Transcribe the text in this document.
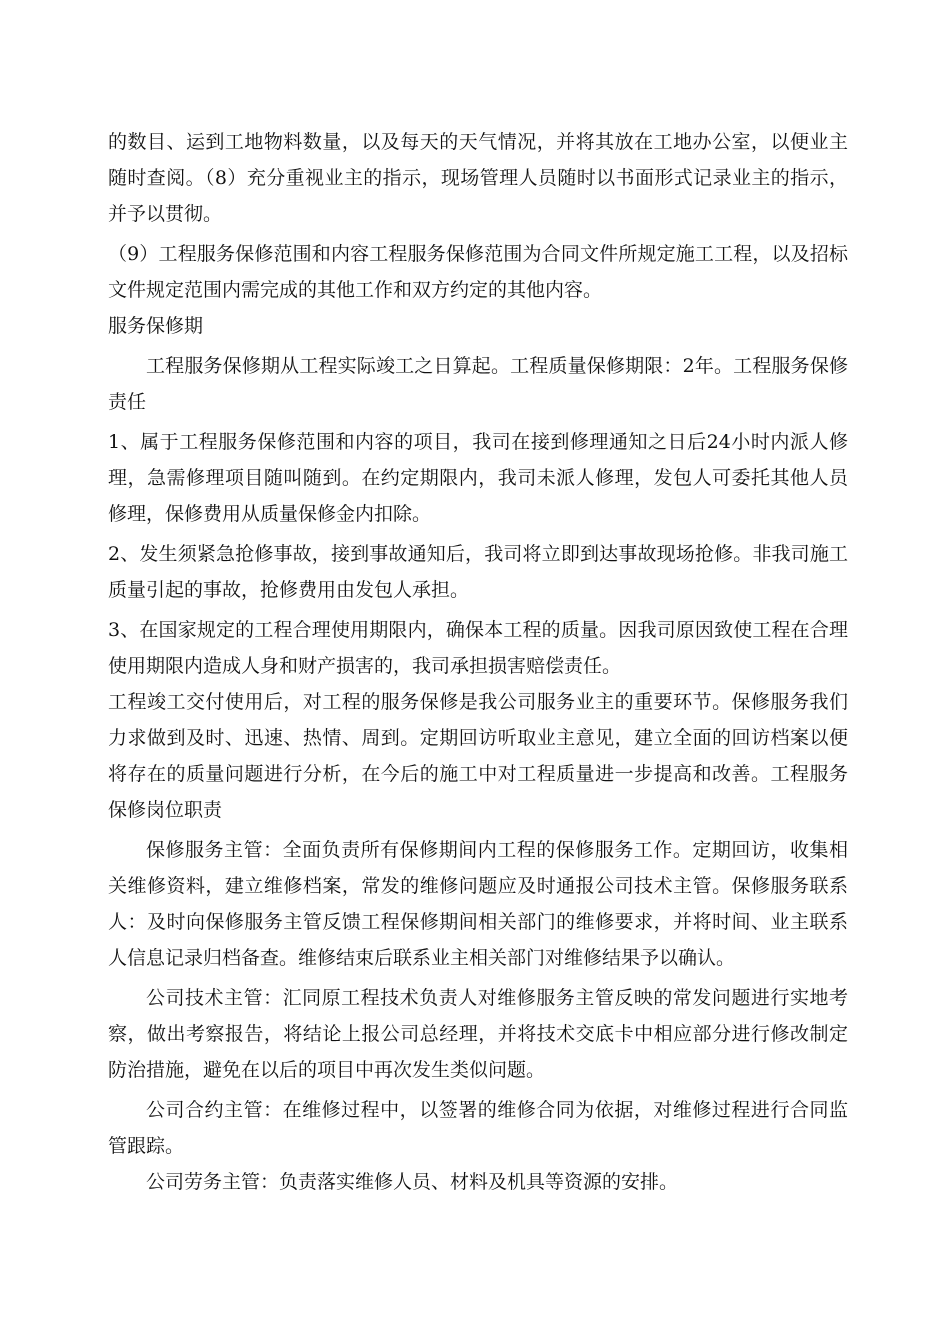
的数目、运到工地物料数量，以及每天的天气情况，并将其放在工地办公室，以便业主随时查阅。（8）充分重视业主的指示，现场管理人员随时以书面形式记录业主的指示，并予以贯彻。

（9）工程服务保修范围和内容工程服务保修范围为合同文件所规定施工工程，以及招标文件规定范围内需完成的其他工作和双方约定的其他内容。

服务保修期

工程服务保修期从工程实际竣工之日算起。工程质量保修期限：2年。工程服务保修责任

1、属于工程服务保修范围和内容的项目，我司在接到修理通知之日后24小时内派人修理，急需修理项目随叫随到。在约定期限内，我司未派人修理，发包人可委托其他人员修理，保修费用从质量保修金内扣除。

2、发生须紧急抢修事故，接到事故通知后，我司将立即到达事故现场抢修。非我司施工质量引起的事故，抢修费用由发包人承担。

3、在国家规定的工程合理使用期限内，确保本工程的质量。因我司原因致使工程在合理使用期限内造成人身和财产损害的，我司承担损害赔偿责任。

工程竣工交付使用后，对工程的服务保修是我公司服务业主的重要环节。保修服务我们力求做到及时、迅速、热情、周到。定期回访听取业主意见，建立全面的回访档案以便将存在的质量问题进行分析，在今后的施工中对工程质量进一步提高和改善。工程服务保修岗位职责

保修服务主管：全面负责所有保修期间内工程的保修服务工作。定期回访，收集相关维修资料，建立维修档案，常发的维修问题应及时通报公司技术主管。保修服务联系人：及时向保修服务主管反馈工程保修期间相关部门的维修要求，并将时间、业主联系人信息记录归档备查。维修结束后联系业主相关部门对维修结果予以确认。

公司技术主管：汇同原工程技术负责人对维修服务主管反映的常发问题进行实地考察，做出考察报告，将结论上报公司总经理，并将技术交底卡中相应部分进行修改制定防治措施，避免在以后的项目中再次发生类似问题。

公司合约主管：在维修过程中，以签署的维修合同为依据，对维修过程进行合同监管跟踪。

公司劳务主管：负责落实维修人员、材料及机具等资源的安排。
